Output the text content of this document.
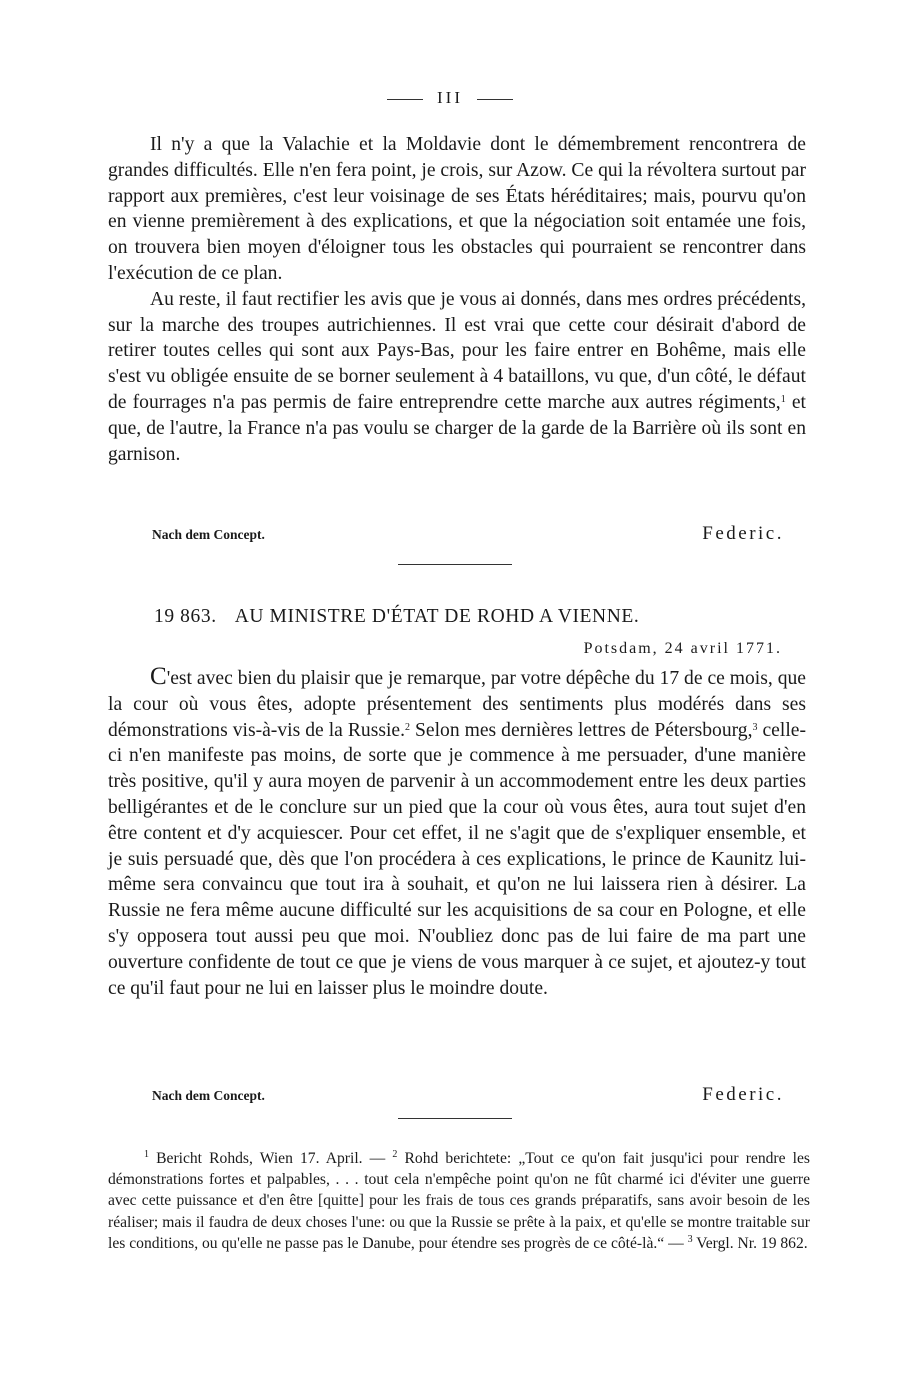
III

Il n'y a que la Valachie et la Moldavie dont le démembrement rencontrera de grandes difficultés. Elle n'en fera point, je crois, sur Azow. Ce qui la révoltera surtout par rapport aux premières, c'est leur voisinage de ses États héréditaires; mais, pourvu qu'on en vienne premièrement à des explications, et que la négociation soit entamée une fois, on trouvera bien moyen d'éloigner tous les obstacles qui pourraient se rencontrer dans l'exécution de ce plan.

Au reste, il faut rectifier les avis que je vous ai donnés, dans mes ordres précédents, sur la marche des troupes autrichiennes. Il est vrai que cette cour désirait d'abord de retirer toutes celles qui sont aux Pays-Bas, pour les faire entrer en Bohême, mais elle s'est vu obligée ensuite de se borner seulement à 4 bataillons, vu que, d'un côté, le défaut de fourrages n'a pas permis de faire entreprendre cette marche aux autres régiments,$^1$ et que, de l'autre, la France n'a pas voulu se charger de la garde de la Barrière où ils sont en garnison.

Nach dem Concept.	Federic.
19 863. AU MINISTRE D'ÉTAT DE ROHD A VIENNE.
Potsdam, 24 avril 1771.

C'est avec bien du plaisir que je remarque, par votre dépêche du 17 de ce mois, que la cour où vous êtes, adopte présentement des sentiments plus modérés dans ses démonstrations vis-à-vis de la Russie.$^2$ Selon mes dernières lettres de Pétersbourg,$^3$ celle-ci n'en manifeste pas moins, de sorte que je commence à me persuader, d'une manière très positive, qu'il y aura moyen de parvenir à un accommodement entre les deux parties belligérantes et de le conclure sur un pied que la cour où vous êtes, aura tout sujet d'en être content et d'y acquiescer. Pour cet effet, il ne s'agit que de s'expliquer ensemble, et je suis persuadé que, dès que l'on procédera à ces explications, le prince de Kaunitz lui-même sera convaincu que tout ira à souhait, et qu'on ne lui laissera rien à désirer. La Russie ne fera même aucune difficulté sur les acquisitions de sa cour en Pologne, et elle s'y opposera tout aussi peu que moi. N'oubliez donc pas de lui faire de ma part une ouverture confidente de tout ce que je viens de vous marquer à ce sujet, et ajoutez-y tout ce qu'il faut pour ne lui en laisser plus le moindre doute.

Nach dem Concept.	Federic.

$^1$ Bericht Rohds, Wien 17. April. — $^2$ Rohd berichtete: „Tout ce qu'on fait jusqu'ici pour rendre les démonstrations fortes et palpables, . . . tout cela n'empêche point qu'on ne fût charmé ici d'éviter une guerre avec cette puissance et d'en être [quitte] pour les frais de tous ces grands préparatifs, sans avoir besoin de les réaliser; mais il faudra de deux choses l'une: ou que la Russie se prête à la paix, et qu'elle se montre traitable sur les conditions, ou qu'elle ne passe pas le Danube, pour étendre ses progrès de ce côté-là.“ — $^3$ Vergl. Nr. 19 862.
